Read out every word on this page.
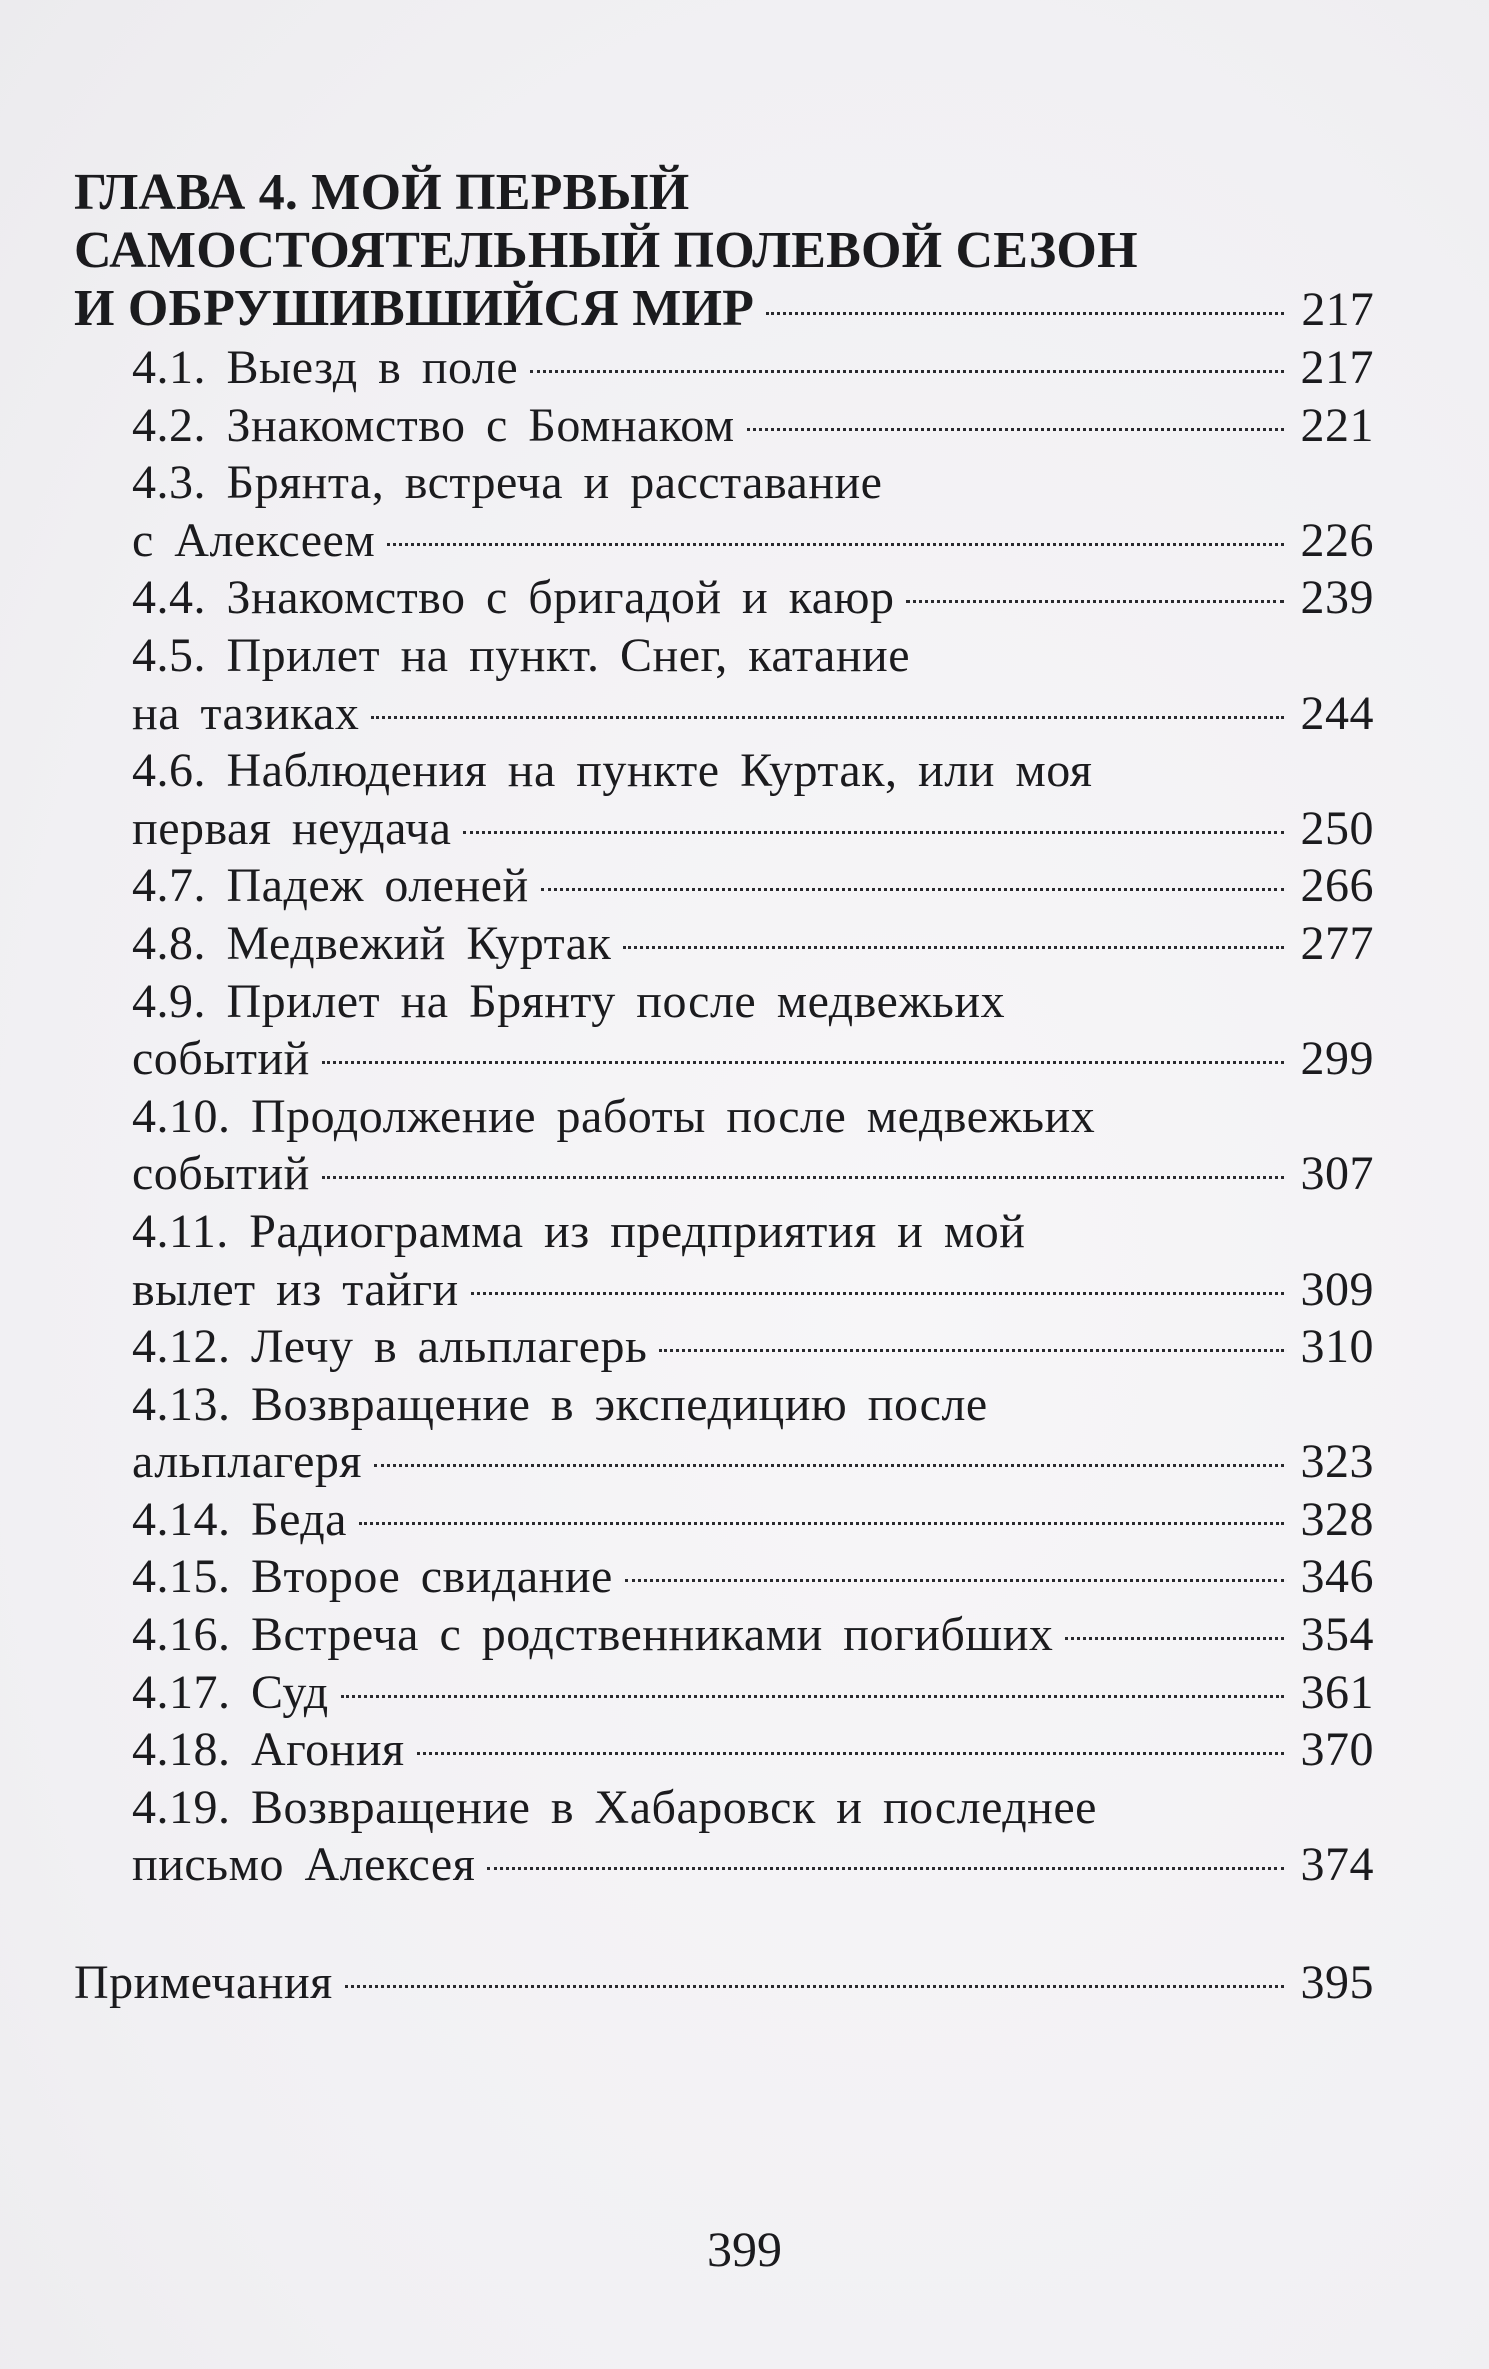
ГЛАВА 4. МОЙ ПЕРВЫЙ
САМОСТОЯТЕЛЬНЫЙ ПОЛЕВОЙ СЕЗОН
И ОБРУШИВШИЙСЯ МИР	217
4.1. Выезд в поле	217
4.2. Знакомство с Бомнаком	221
4.3. Брянта, встреча и расставание
с Алексеем	226
4.4. Знакомство с бригадой и каюр	239
4.5. Прилет на пункт. Снег, катание
на тазиках	244
4.6. Наблюдения на пункте Куртак, или моя
первая неудача	250
4.7. Падеж оленей	266
4.8. Медвежий Куртак	277
4.9. Прилет на Брянту после медвежьих
событий	299
4.10. Продолжение работы после медвежьих
событий	307
4.11. Радиограмма из предприятия и мой
вылет из тайги	309
4.12. Лечу в альплагерь	310
4.13. Возвращение в экспедицию после
альплагеря	323
4.14. Беда	328
4.15. Второе свидание	346
4.16. Встреча с родственниками погибших	354
4.17. Суд	361
4.18. Агония	370
4.19. Возвращение в Хабаровск и последнее
письмо Алексея	374
Примечания	395
399
